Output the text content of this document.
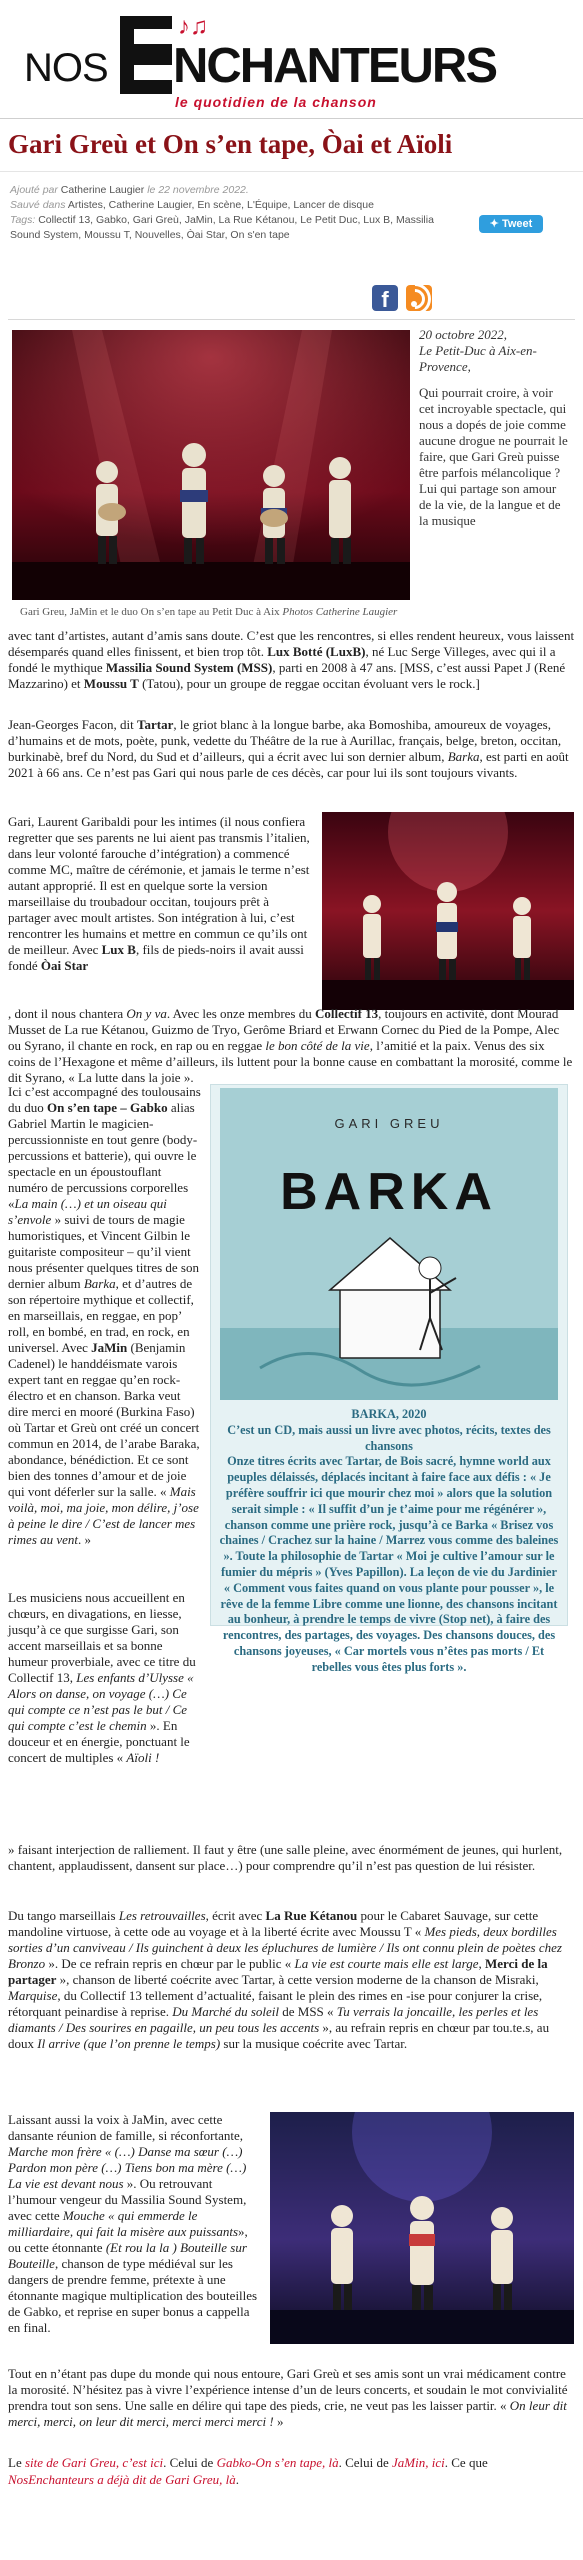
NOS
♪♫
NCHANTEURS
le quotidien de la chanson
Gari Greù et On s’en tape, Òai et Aïoli
Ajouté par Catherine Laugier le 22 novembre 2022.
Sauvé dans Artistes, Catherine Laugier, En scène, L'Équipe, Lancer de disque
Tags: Collectif 13, Gabko, Gari Greù, JaMin, La Rue Kétanou, Le Petit Duc, Lux B, Massilia Sound System, Moussu T, Nouvelles, Òai Star, On s'en tape
✦ Tweet
f
Gari Greu, JaMin et le duo On s’en tape au Petit Duc à Aix Photos Catherine Laugier
20 octobre 2022,
Le Petit-Duc à Aix-en-Provence,
Qui pourrait croire, à voir cet incroyable spectacle, qui nous a dopés de joie comme aucune drogue ne pourrait le faire, que Gari Greù puisse être parfois mélancolique ? Lui qui partage son amour de la vie, de la langue et de la musique

avec tant d’artistes, autant d’amis sans doute. C’est que les rencontres, si elles rendent heureux, vous laissent désemparés quand elles finissent, et bien trop tôt. Lux Botté (LuxB), né Luc Serge Villeges, avec qui il a fondé le mythique Massilia Sound System (MSS), parti en 2008 à 47 ans. [MSS, c’est aussi Papet J (René Mazzarino) et Moussu T (Tatou), pour un groupe de reggae occitan évoluant vers le rock.]

Jean-Georges Facon, dit Tartar, le griot blanc à la longue barbe, aka Bomoshiba, amoureux de voyages, d’humains et de mots, poète, punk, vedette du Théâtre de la rue à Aurillac, français, belge, breton, occitan, burkinabè, bref du Nord, du Sud et d’ailleurs, qui a écrit avec lui son dernier album, Barka, est parti en août 2021 à 66 ans. Ce n’est pas Gari qui nous parle de ces décès, car pour lui ils sont toujours vivants.

Gari, Laurent Garibaldi pour les intimes (il nous confiera regretter que ses parents ne lui aient pas transmis l’italien, dans leur volonté farouche d’intégration) a commencé comme MC, maître de cérémonie, et jamais le terme n’est autant approprié. Il est en quelque sorte la version marseillaise du troubadour occitan, toujours prêt à partager avec moult artistes. Son intégration à lui, c’est rencontrer les humains et mettre en commun ce qu’ils ont de meilleur. Avec Lux B, fils de pieds-noirs il avait aussi fondé Òai Star

, dont il nous chantera On y va. Avec les onze membres du Collectif 13, toujours en activité, dont Mourad Musset de La rue Kétanou, Guizmo de Tryo, Gerôme Briard et Erwann Cornec du Pied de la Pompe, Alec ou Syrano, il chante en rock, en rap ou en reggae le bon côté de la vie, l’amitié et la paix. Venus des six coins de l’Hexagone et même d’ailleurs, ils luttent pour la bonne cause en combattant la morosité, comme le dit Syrano, « La lutte dans la joie ».

GARI GREU
BARKA
BARKA, 2020
C’est un CD, mais aussi un livre avec photos, récits, textes des chansons
Onze titres écrits avec Tartar, de Bois sacré, hymne world aux peuples délaissés, déplacés incitant à faire face aux défis : « Je préfère souffrir ici que mourir chez moi » alors que la solution serait simple : « Il suffit d’un je t’aime pour me régénérer », chanson comme une prière rock, jusqu’à ce Barka « Brisez vos chaines / Crachez sur la haine / Marrez vous comme des baleines ». Toute la philosophie de Tartar « Moi je cultive l’amour sur le fumier du mépris » (Yves Papillon). La leçon de vie du Jardinier « Comment vous faites quand on vous plante pour pousser », le rêve de la femme Libre comme une lionne, des chansons incitant au bonheur, à prendre le temps de vivre (Stop net), à faire des rencontres, des partages, des voyages. Des chansons douces, des chansons joyeuses, « Car mortels vous n’êtes pas morts / Et rebelles vous êtes plus forts ».

Ici c’est accompagné des toulousains du duo On s’en tape – Gabko alias Gabriel Martin le magicien-percussionniste en tout genre (body-percussions et batterie), qui ouvre le spectacle en un époustouflant numéro de percussions corporelles «La main (…) et un oiseau qui s’envole » suivi de tours de magie humoristiques, et Vincent Gilbin le guitariste compositeur – qu’il vient nous présenter quelques titres de son dernier album Barka, et d’autres de son répertoire mythique et collectif, en marseillais, en reggae, en pop’ roll, en bombé, en trad, en rock, en universel. Avec JaMin (Benjamin Cadenel) le handdéismate varois expert tant en reggae qu’en rock-électro et en chanson. Barka veut dire merci en mooré (Burkina Faso) où Tartar et Greù ont créé un concert commun en 2014, de l’arabe Baraka, abondance, bénédiction. Et ce sont bien des tonnes d’amour et de joie qui vont déferler sur la salle. « Mais voilà, moi, ma joie, mon délire, j’ose à peine le dire / C’est de lancer mes rimes au vent. »

Les musiciens nous accueillent en chœurs, en divagations, en liesse, jusqu’à ce que surgisse Gari, son accent marseillais et sa bonne humeur proverbiale, avec ce titre du Collectif 13, Les enfants d’Ulysse « Alors on danse, on voyage (…) Ce qui compte ce n’est pas le but / Ce qui compte c’est le chemin ». En douceur et en énergie, ponctuant le concert de multiples « Aïoli !

» faisant interjection de ralliement. Il faut y être (une salle pleine, avec énormément de jeunes, qui hurlent, chantent, applaudissent, dansent sur place…) pour comprendre qu’il n’est pas question de lui résister.

Du tango marseillais Les retrouvailles, écrit avec La Rue Kétanou pour le Cabaret Sauvage, sur cette mandoline virtuose, à cette ode au voyage et à la liberté écrite avec Moussu T « Mes pieds, deux bordilles sorties d’un canviveau / Ils guinchent à deux les épluchures de lumière / Ils ont connu plein de poètes chez Bronzo ». De ce refrain repris en chœur par le public « La vie est courte mais elle est large, Merci de la partager », chanson de liberté coécrite avec Tartar, à cette version moderne de la chanson de Misraki, Marquise, du Collectif 13 tellement d’actualité, faisant le plein des rimes en -ise pour conjurer la crise, rétorquant peinardise à reprise. Du Marché du soleil de MSS « Tu verrais la joncaille, les perles et les diamants / Des sourires en pagaille, un peu tous les accents », au refrain repris en chœur par tou.te.s, au doux Il arrive (que l’on prenne le temps) sur la musique coécrite avec Tartar.

Laissant aussi la voix à JaMin, avec cette dansante réunion de famille, si réconfortante, Marche mon frère « (…) Danse ma sœur (…) Pardon mon père (…) Tiens bon ma mère (…) La vie est devant nous ». Ou retrouvant l’humour vengeur du Massilia Sound System, avec cette Mouche « qui emmerde le milliardaire, qui fait la misère aux puissants», ou cette étonnante (Et rou la la ) Bouteille sur Bouteille, chanson de type médiéval sur les dangers de prendre femme, prétexte à une étonnante magique multiplication des bouteilles de Gabko, et reprise en super bonus a cappella en final.

Tout en n’étant pas dupe du monde qui nous entoure, Gari Greù et ses amis sont un vrai médicament contre la morosité. N’hésitez pas à vivre l’expérience intense d’un de leurs concerts, et soudain le mot convivialité prendra tout son sens. Une salle en délire qui tape des pieds, crie, ne veut pas les laisser partir. « On leur dit merci, merci, on leur dit merci, merci merci merci ! »

Le site de Gari Greu, c’est ici. Celui de Gabko-On s’en tape, là. Celui de JaMin, ici. Ce que NosEnchanteurs a déjà dit de Gari Greu, là.
